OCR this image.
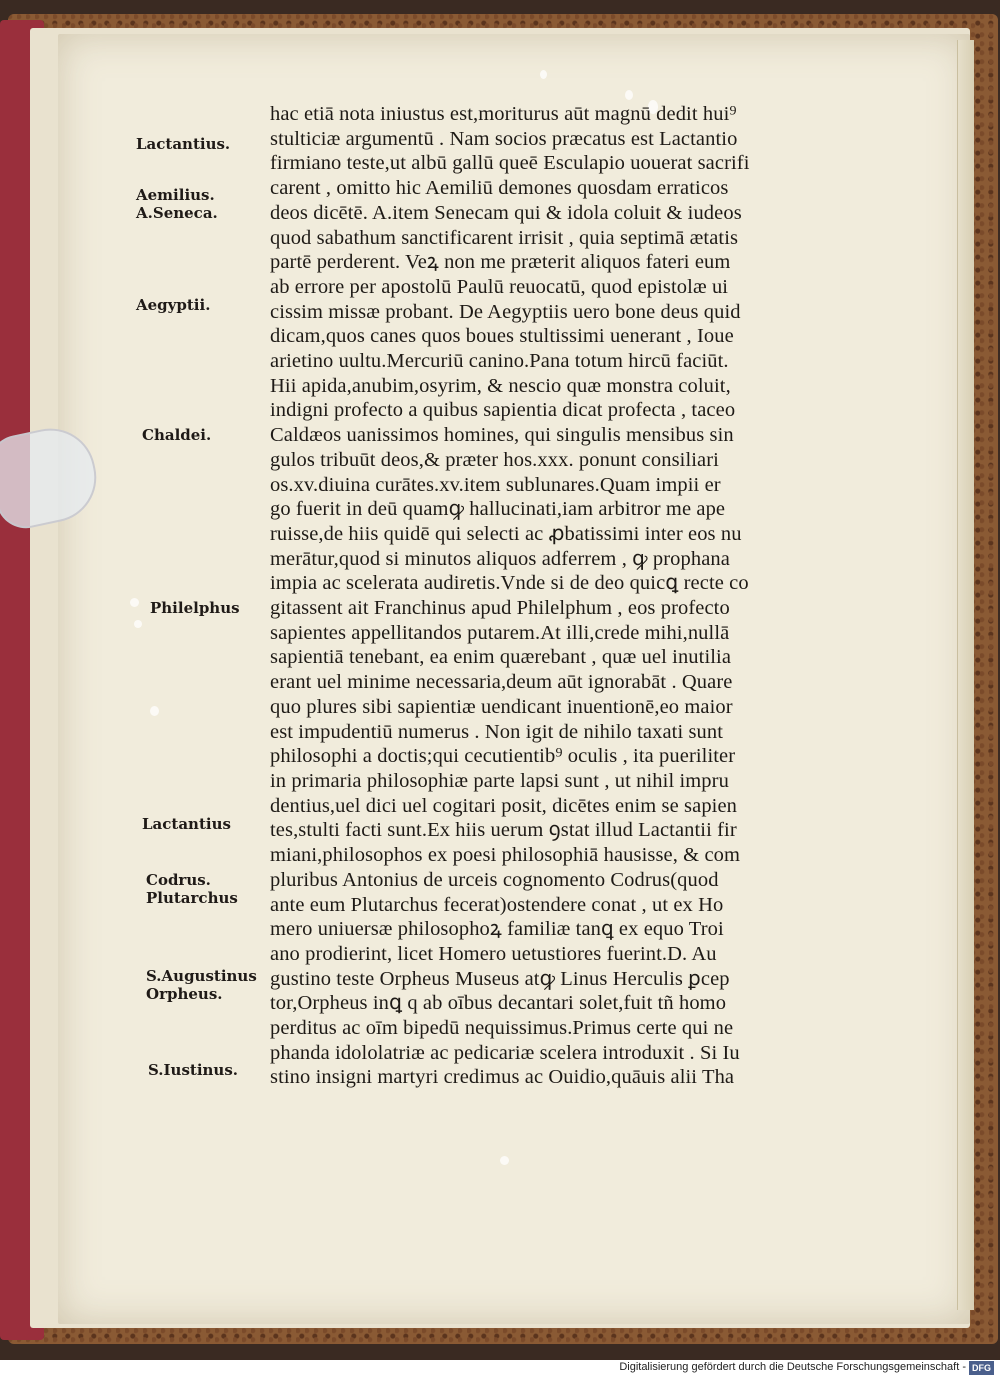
Lactantius.
Aemilius.
A.Seneca.
Aegyptii.
Chaldei.
Philelphus
Lactantius
Codrus.
Plutarchus
S.Augustinus
Orpheus.
S.Iustinus.
hac etiā nota iniustus est,moriturus aūt magnū dedit hui⁹
stulticiæ argumentū . Nam socios præcatus est Lactantio
firmiano teste,ut albū gallū queē Esculapio uouerat sacrifi
carent , omitto hic Aemiliū demones quosdam erraticos
deos dicētē. A.item Senecam qui & idola coluit & iudeos
quod sabathum sanctificarent irrisit , quia septimā ætatis
partē perderent. Veꝝ non me præterit aliquos fateri eum
ab errore per apostolū Paulū reuocatū, quod epistolæ ui
cissim missæ probant. De Aegyptiis uero bone deus quid
dicam,quos canes quos boues stultissimi uenerant , Ioue
arietino uultu.Mercuriū canino.Pana totum hircū faciūt.
Hii apida,anubim,osyrim, & nescio quæ monstra coluit,
indigni profecto a quibus sapientia dicat profecta , taceo
Caldæos uanissimos homines, qui singulis mensibus sin
gulos tribuūt deos,& præter hos.xxx. ponunt consiliari
os.xv.diuina curātes.xv.item sublunares.Quam impii er
go fuerit in deū quamꝙ hallucinati,iam arbitror me ape
ruisse,de hiis quidē qui selecti ac ꝓbatissimi inter eos nu
merātur,quod si minutos aliquos adferrem , ꝙ prophana
impia ac scelerata audiretis.Vnde si de deo quicꝗ recte co
gitassent ait Franchinus apud Philelphum , eos profecto
sapientes appellitandos putarem.At illi,crede mihi,nullā
sapientiā tenebant, ea enim quærebant , quæ uel inutilia
erant uel minime necessaria,deum aūt ignorabāt . Quare
quo plures sibi sapientiæ uendicant inuentionē,eo maior
est impudentiū numerus . Non igit de nihilo taxati sunt
philosophi a doctis;qui cecutientib⁹ oculis , ita pueriliter
in primaria philosophiæ parte lapsi sunt , ut nihil impru
dentius,uel dici uel cogitari posit, dicētes enim se sapien
tes,stulti facti sunt.Ex hiis uerum ꝯstat illud Lactantii fir
miani,philosophos ex poesi philosophiā hausisse, & com
pluribus Antonius de urceis cognomento Codrus(quod
ante eum Plutarchus fecerat)ostendere conat , ut ex Ho
mero uniuersæ philosophoꝝ familiæ tanꝗ ex equo Troi
ano prodierint, licet Homero uetustiores fuerint.D. Au
gustino teste Orpheus Museus atꝙ Linus Herculis ꝑcep
tor,Orpheus inꝗ q ab oībus decantari solet,fuit tñ homo
perditus ac oīm bipedū nequissimus.Primus certe qui ne
phanda idololatriæ ac pedicariæ scelera introduxit . Si Iu
stino insigni martyri credimus ac Ouidio,quāuis alii Tha
Digitalisierung gefördert durch die Deutsche Forschungsgemeinschaft - DFG
